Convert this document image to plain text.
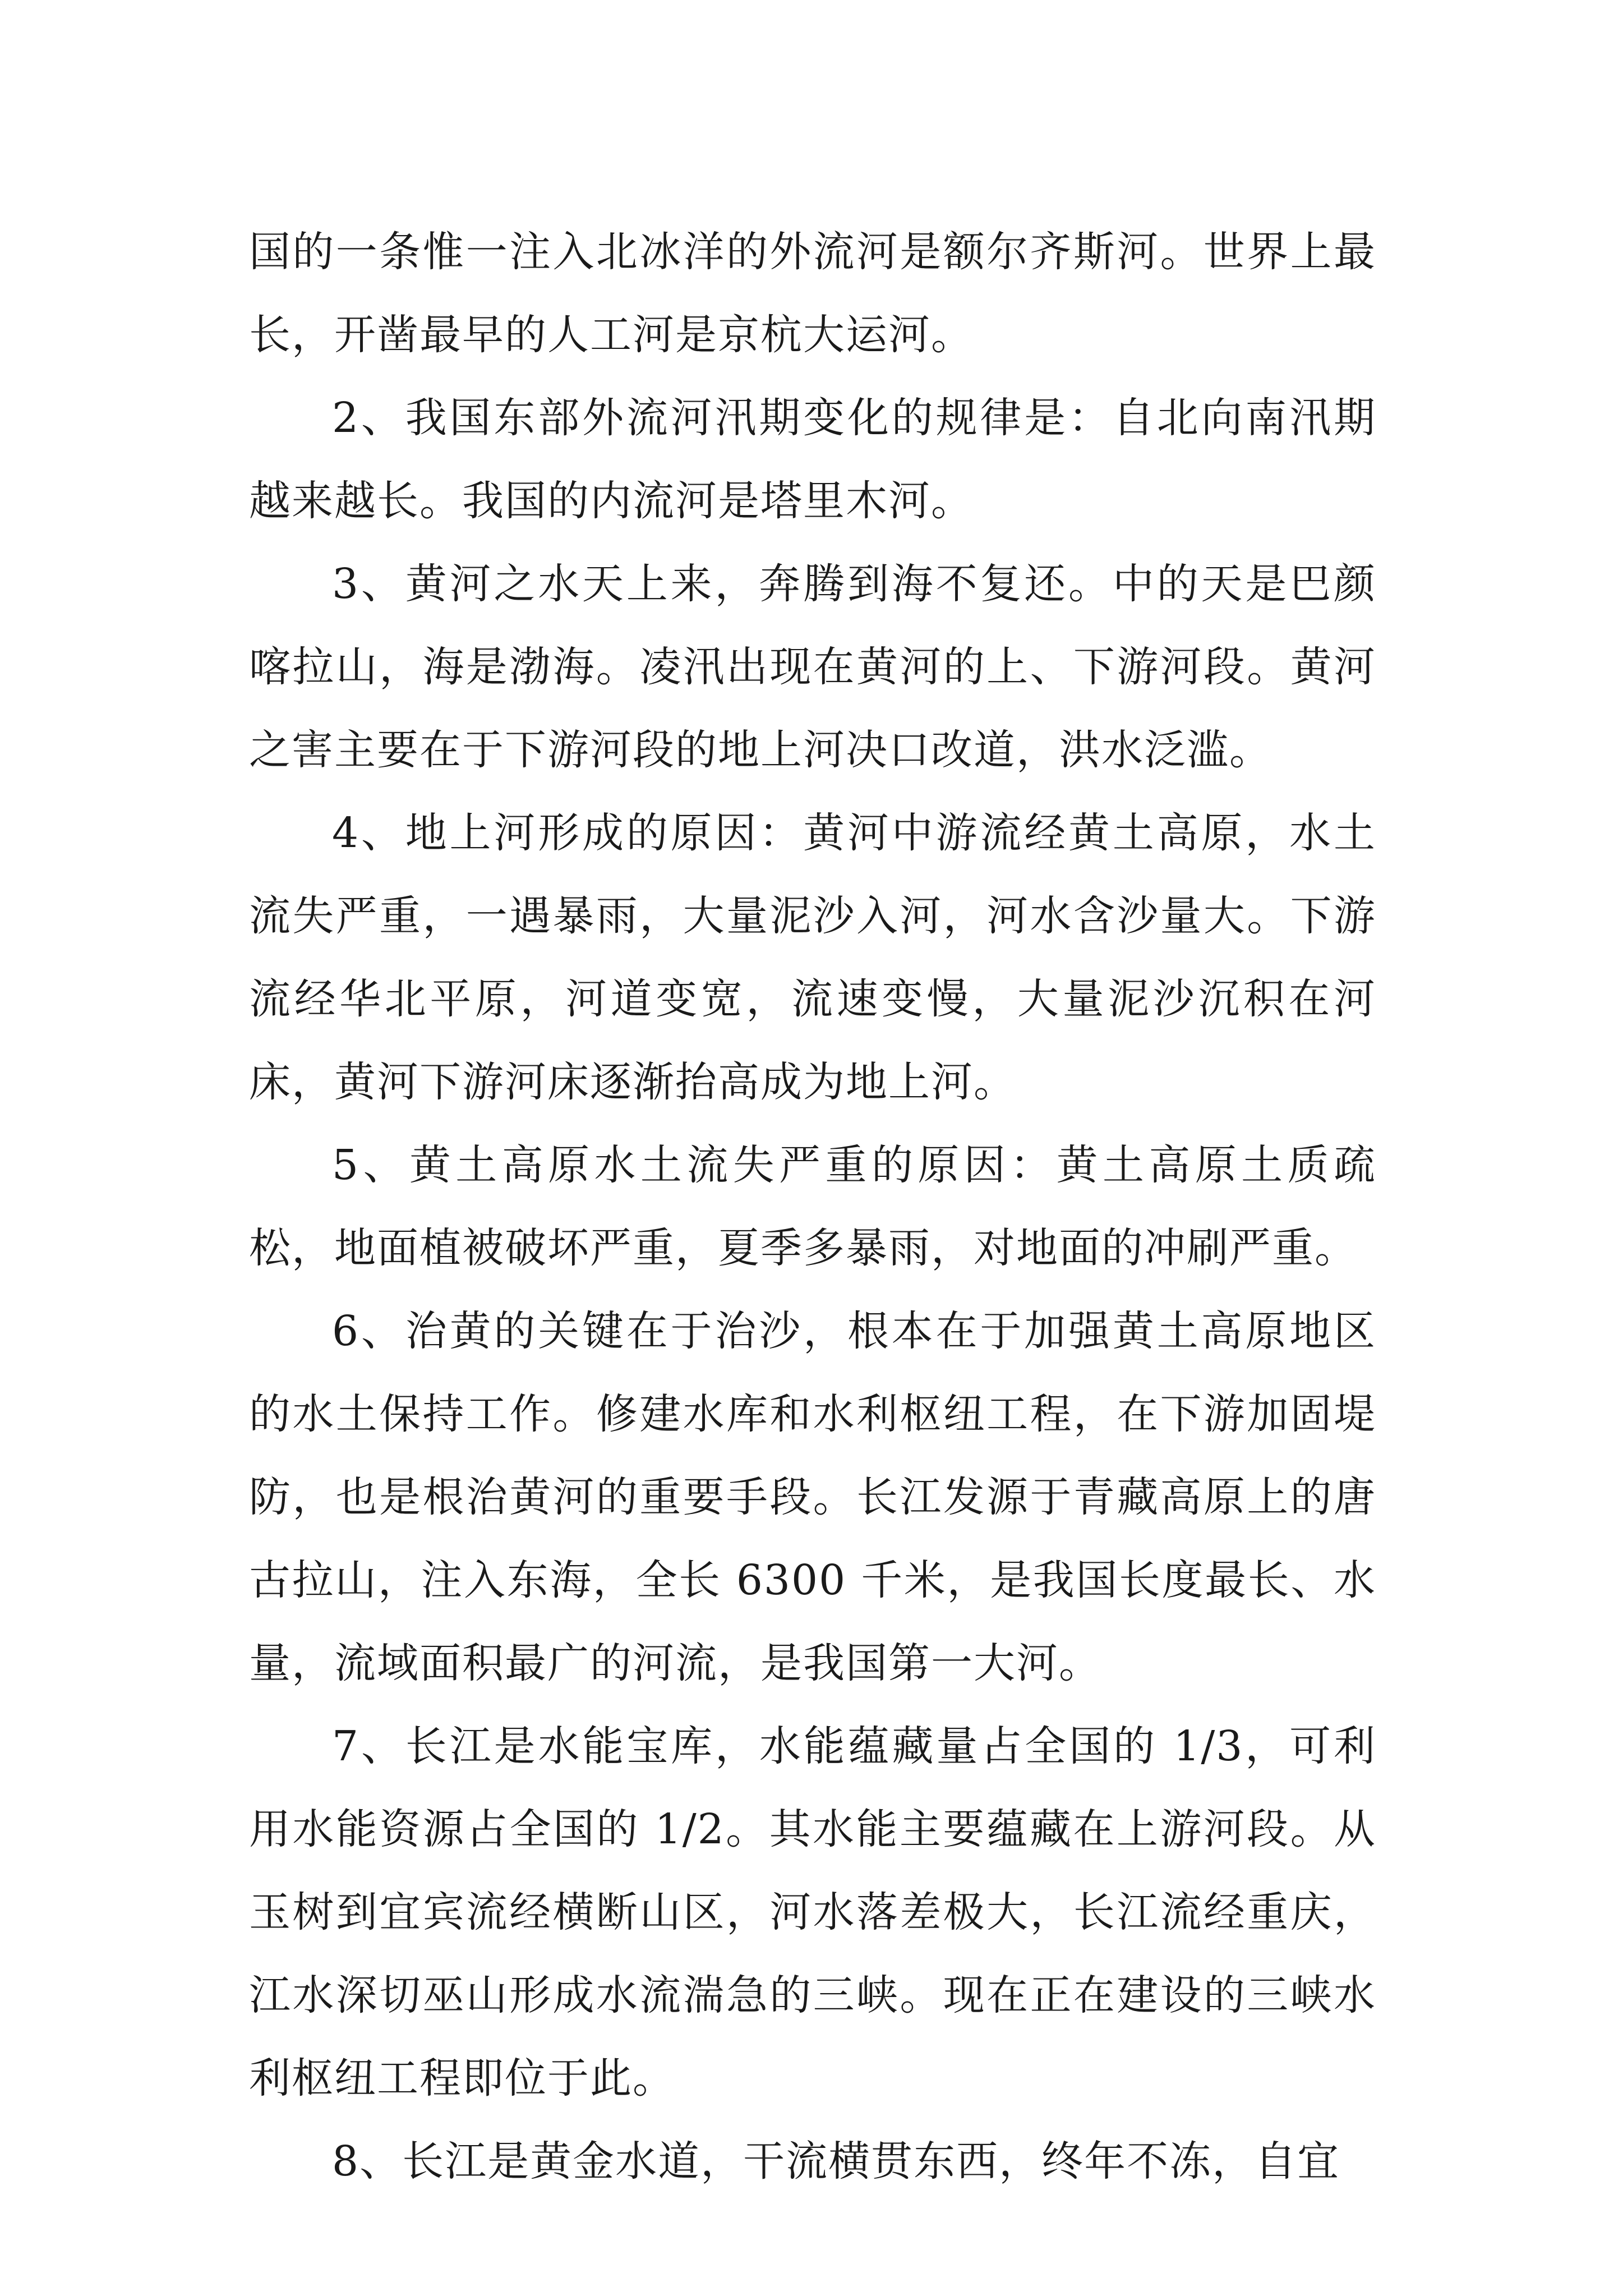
国的一条惟一注入北冰洋的外流河是额尔齐斯河。世界上最长，开凿最早的人工河是京杭大运河。

2、我国东部外流河汛期变化的规律是：自北向南汛期越来越长。我国的内流河是塔里木河。

3、黄河之水天上来，奔腾到海不复还。中的天是巴颜喀拉山，海是渤海。凌汛出现在黄河的上、下游河段。黄河之害主要在于下游河段的地上河决口改道，洪水泛滥。

4、地上河形成的原因：黄河中游流经黄土高原，水土流失严重，一遇暴雨，大量泥沙入河，河水含沙量大。下游流经华北平原，河道变宽，流速变慢，大量泥沙沉积在河床，黄河下游河床逐渐抬高成为地上河。

5、黄土高原水土流失严重的原因：黄土高原土质疏松，地面植被破坏严重，夏季多暴雨，对地面的冲刷严重。

6、治黄的关键在于治沙，根本在于加强黄土高原地区的水土保持工作。修建水库和水利枢纽工程，在下游加固堤防，也是根治黄河的重要手段。长江发源于青藏高原上的唐古拉山，注入东海，全长 6300 千米，是我国长度最长、水量，流域面积最广的河流，是我国第一大河。

7、长江是水能宝库，水能蕴藏量占全国的 1/3，可利用水能资源占全国的 1/2。其水能主要蕴藏在上游河段。从玉树到宜宾流经横断山区，河水落差极大，长江流经重庆，江水深切巫山形成水流湍急的三峡。现在正在建设的三峡水利枢纽工程即位于此。

8、长江是黄金水道，干流横贯东西，终年不冻，自宜
